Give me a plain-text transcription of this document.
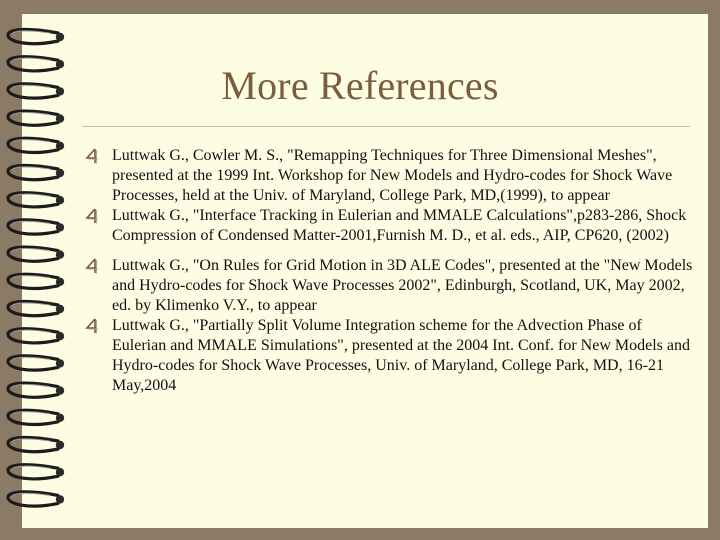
More References
Luttwak G., Cowler M. S., "Remapping Techniques for Three Dimensional Meshes", presented at the 1999 Int. Workshop for New Models and Hydro-codes for Shock Wave Processes, held at the Univ. of Maryland, College Park, MD,(1999), to appear
Luttwak G., "Interface Tracking in Eulerian and MMALE Calculations",p283-286, Shock Compression of Condensed Matter-2001,Furnish M. D., et al. eds., AIP, CP620, (2002)
Luttwak G., "On Rules for Grid Motion in 3D ALE Codes", presented at the "New Models and Hydro-codes for Shock Wave Processes 2002", Edinburgh, Scotland, UK, May 2002, ed. by Klimenko V.Y., to appear
Luttwak G., "Partially Split Volume Integration scheme for the Advection Phase of Eulerian and MMALE Simulations", presented at the 2004 Int. Conf. for New Models and Hydro-codes for Shock Wave Processes, Univ. of Maryland, College Park, MD, 16-21 May,2004
